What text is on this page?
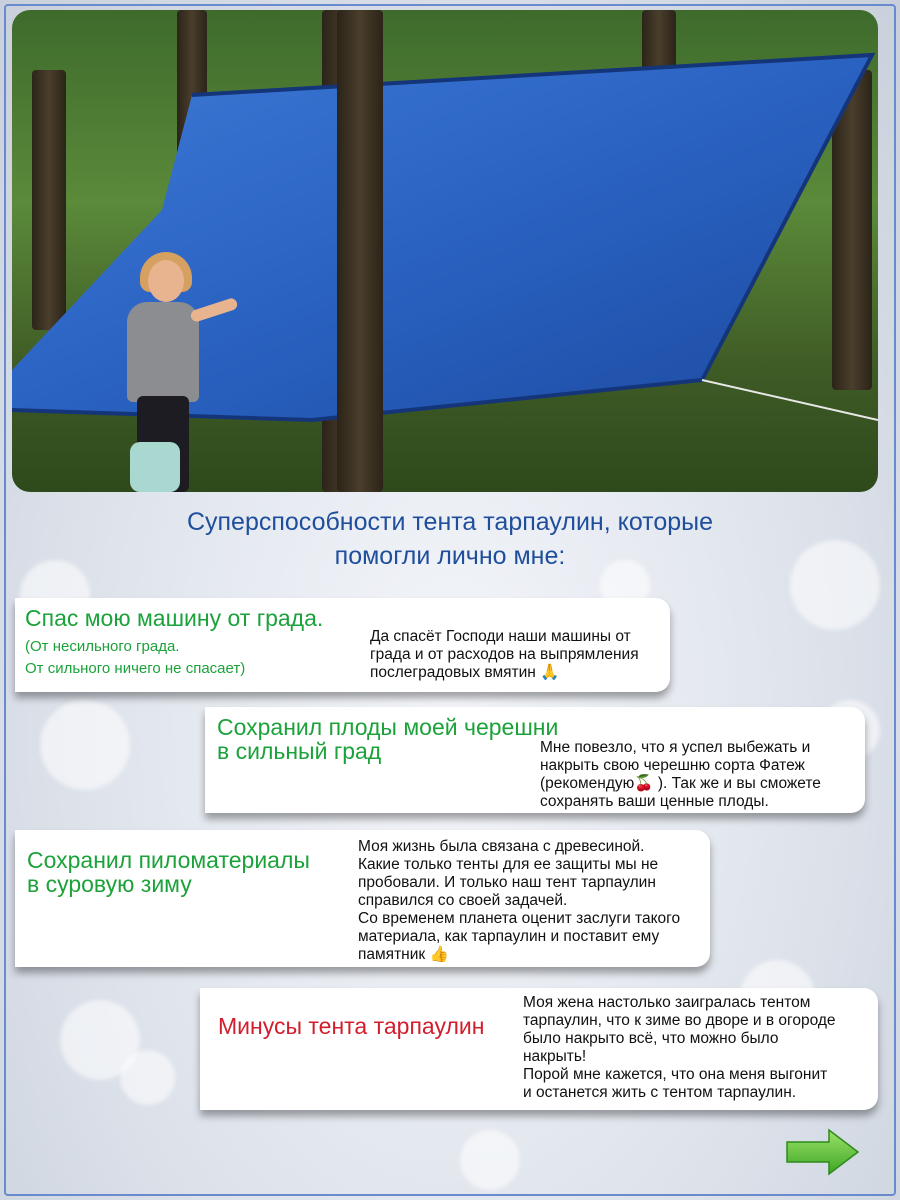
Суперспособности тента тарпаулин, которые
помогли лично мне:
Спас мою машину от града.
(От несильного града.
От сильного ничего не спасает)
Да спасёт Господи наши машины от
града и от расходов на выпрямления
послеградовых вмятин 🙏
Сохранил плоды моей черешни
в сильный град	Мне повезло, что я успел выбежать и
накрыть свою черешню сорта Фатеж
(рекомендую🍒 ). Так же и вы сможете
сохранять ваши ценные плоды.
Сохранил пиломатериалы
в суровую зиму
Моя жизнь была связана с древесиной.
Какие только тенты для ее защиты мы не
пробовали. И только наш тент тарпаулин
справился со своей задачей.
Со временем планета оценит заслуги такого
материала, как тарпаулин и поставит ему
памятник 👍
Минусы тента тарпаулин
Моя жена настолько заигралась тентом
тарпаулин, что к зиме во дворе и в огороде
было накрыто всё, что можно было
накрыть!
Порой мне кажется, что она меня выгонит
и останется жить с тентом тарпаулин.
